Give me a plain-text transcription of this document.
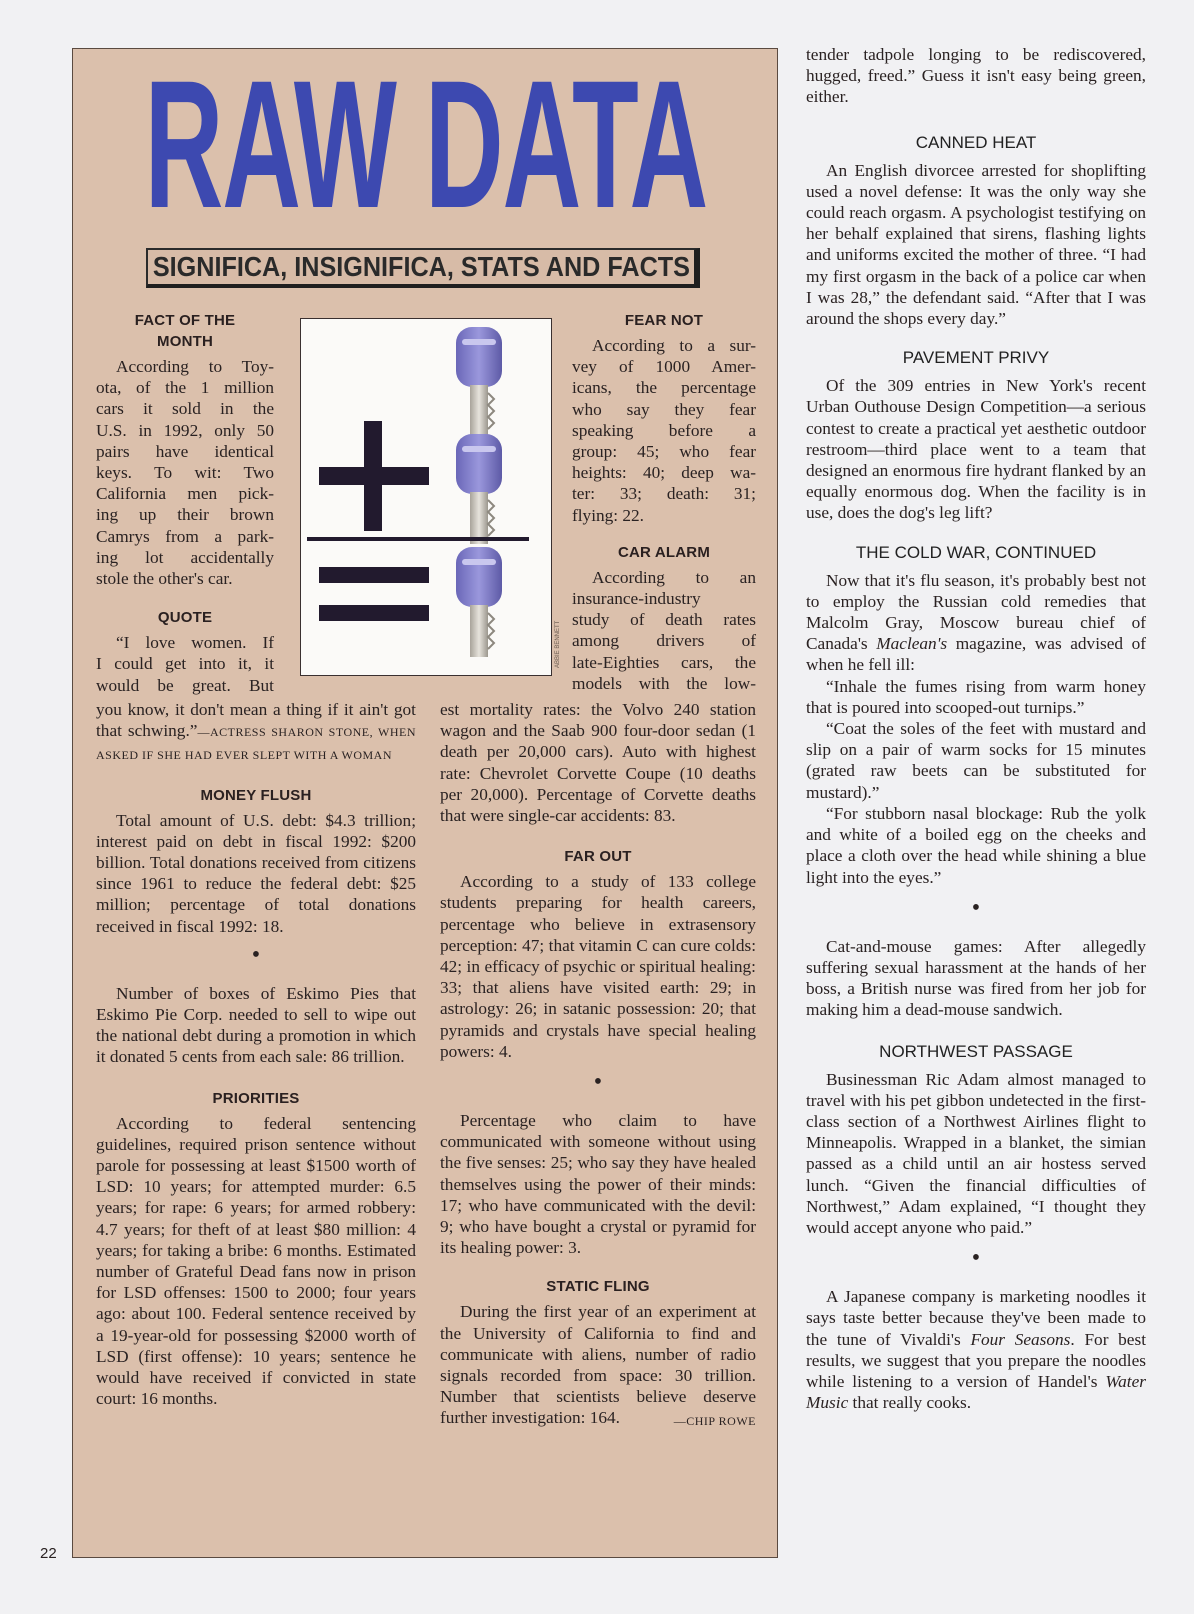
RAW DATA
SIGNIFICA, INSIGNIFICA, STATS AND FACTS
ABBIE BENNETT
FACT OF THE MONTH
According to Toy-
ota, of the 1 million
cars it sold in the
U.S. in 1992, only 50
pairs have identical
keys. To wit: Two
California men pick-
ing up their brown
Camrys from a park-
ing lot accidentally
stole the other's car.
QUOTE
“I love women. If
I could get into it, it
would be great. But

you know, it don't mean a thing if it ain't got that schwing.”—ACTRESS SHARON STONE, WHEN ASKED IF SHE HAD EVER SLEPT WITH A WOMAN

MONEY FLUSH

Total amount of U.S. debt: $4.3 trillion; interest paid on debt in fiscal 1992: $200 billion. Total donations received from citizens since 1961 to reduce the federal debt: $25 million; percentage of total donations received in fiscal 1992: 18.

•

Number of boxes of Eskimo Pies that Eskimo Pie Corp. needed to sell to wipe out the national debt during a promotion in which it donated 5 cents from each sale: 86 trillion.

PRIORITIES

According to federal sentencing guidelines, required prison sentence without parole for possessing at least $1500 worth of LSD: 10 years; for attempted murder: 6.5 years; for rape: 6 years; for armed robbery: 4.7 years; for theft of at least $80 million: 4 years; for taking a bribe: 6 months. Estimated number of Grateful Dead fans now in prison for LSD offenses: 1500 to 2000; four years ago: about 100. Federal sentence received by a 19-year-old for possessing $2000 worth of LSD (first offense): 10 years; sentence he would have received if convicted in state court: 16 months.

FEAR NOT
According to a sur-
vey of 1000 Amer-
icans, the percentage
who say they fear
speaking before a
group: 45; who fear
heights: 40; deep wa-
ter: 33; death: 31;
flying: 22.
CAR ALARM
According to an
insurance-industry
study of death rates
among drivers of
late-Eighties cars, the
models with the low-

est mortality rates: the Volvo 240 station wagon and the Saab 900 four-door sedan (1 death per 20,000 cars). Auto with highest rate: Chevrolet Corvette Coupe (10 deaths per 20,000). Percentage of Corvette deaths that were single-car accidents: 83.

FAR OUT

According to a study of 133 college students preparing for health careers, percentage who believe in extrasensory perception: 47; that vitamin C can cure colds: 42; in efficacy of psychic or spiritual healing: 33; that aliens have visited earth: 29; in astrology: 26; in satanic possession: 20; that pyramids and crystals have special healing powers: 4.

•

Percentage who claim to have communicated with someone without using the five senses: 25; who say they have healed themselves using the power of their minds: 17; who have communicated with the devil: 9; who have bought a crystal or pyramid for its healing power: 3.

STATIC FLING

During the first year of an experiment at the University of California to find and communicate with aliens, number of radio signals recorded from space: 30 trillion. Number that scientists believe deserve further investigation: 164.	—CHIP ROWE

tender tadpole longing to be rediscovered, hugged, freed.” Guess it isn't easy being green, either.

CANNED HEAT

An English divorcee arrested for shoplifting used a novel defense: It was the only way she could reach orgasm. A psychologist testifying on her behalf explained that sirens, flashing lights and uniforms excited the mother of three. “I had my first orgasm in the back of a police car when I was 28,” the defendant said. “After that I was around the shops every day.”

PAVEMENT PRIVY

Of the 309 entries in New York's recent Urban Outhouse Design Competition—a serious contest to create a practical yet aesthetic outdoor restroom—third place went to a team that designed an enormous fire hydrant flanked by an equally enormous dog. When the facility is in use, does the dog's leg lift?

THE COLD WAR, CONTINUED

Now that it's flu season, it's probably best not to employ the Russian cold remedies that Malcolm Gray, Moscow bureau chief of Canada's Maclean's magazine, was advised of when he fell ill:

“Inhale the fumes rising from warm honey that is poured into scooped-out turnips.”

“Coat the soles of the feet with mustard and slip on a pair of warm socks for 15 minutes (grated raw beets can be substituted for mustard).”

“For stubborn nasal blockage: Rub the yolk and white of a boiled egg on the cheeks and place a cloth over the head while shining a blue light into the eyes.”

•

Cat-and-mouse games: After allegedly suffering sexual harassment at the hands of her boss, a British nurse was fired from her job for making him a dead-mouse sandwich.

NORTHWEST PASSAGE

Businessman Ric Adam almost managed to travel with his pet gibbon undetected in the first-class section of a Northwest Airlines flight to Minneapolis. Wrapped in a blanket, the simian passed as a child until an air hostess served lunch. “Given the financial difficulties of Northwest,” Adam explained, “I thought they would accept anyone who paid.”

•

A Japanese company is marketing noodles it says taste better because they've been made to the tune of Vivaldi's Four Seasons. For best results, we suggest that you prepare the noodles while listening to a version of Handel's Water Music that really cooks.

22
